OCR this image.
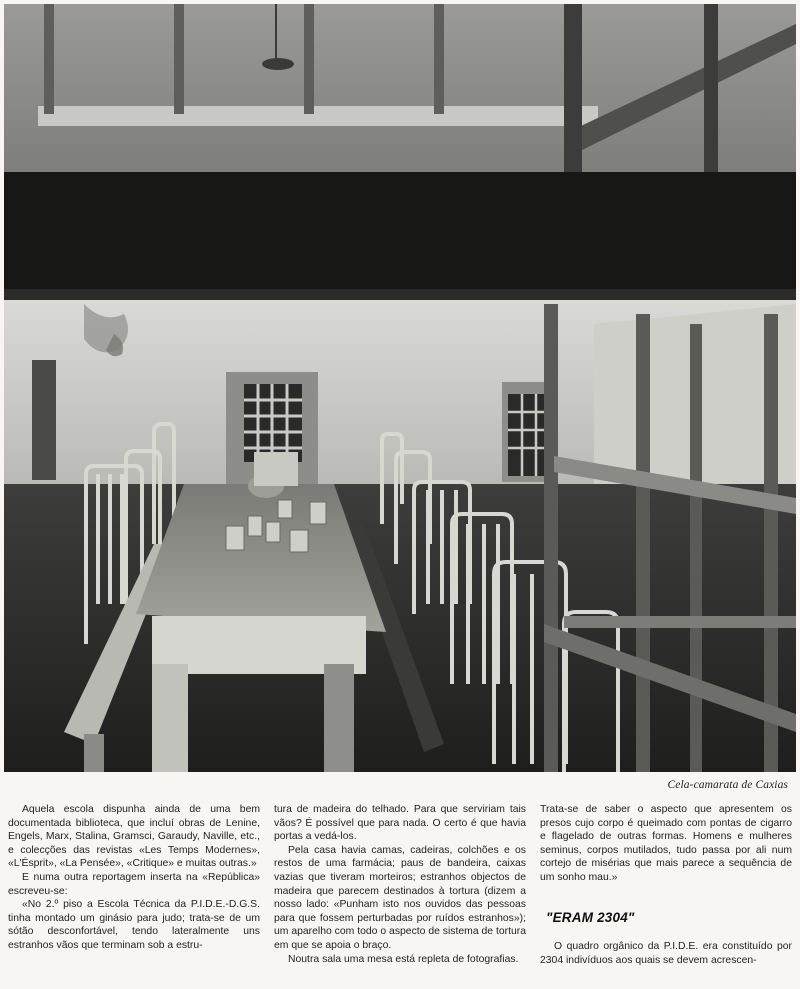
Cela-camarata de Caxias

Aquela escola dispunha ainda de uma bem documentada biblioteca, que incluí obras de Lenine, Engels, Marx, Stalina, Gramsci, Garaudy, Naville, etc., e colecções das revistas «Les Temps Modernes», «L'Ésprit», «La Pensée», «Critique» e muitas outras.»

E numa outra reportagem inserta na «República» escreveu-se:

«No 2.º piso a Escola Técnica da P.I.D.E.-D.G.S. tinha montado um ginásio para judo; trata-se de um sótão desconfortável, tendo lateralmente uns estranhos vãos que terminam sob a estru-

tura de madeira do telhado. Para que serviriam tais vãos? É possível que para nada. O certo é que havia portas a vedá-los.

Pela casa havia camas, cadeiras, colchões e os restos de uma farmácia; paus de bandeira, caixas vazias que tiveram morteiros; estranhos objectos de madeira que parecem destinados à tortura (dizem a nosso lado: «Punham isto nos ouvidos das pessoas para que fossem perturbadas por ruídos estranhos»); um aparelho com todo o aspecto de sistema de tortura em que se apoia o braço.

Noutra sala uma mesa está repleta de fotografias.

Trata-se de saber o aspecto que apresentem os presos cujo corpo é queimado com pontas de cigarro e flagelado de outras formas. Homens e mulheres seminus, corpos mutilados, tudo passa por ali num cortejo de misérias que mais parece a sequência de um sonho mau.»

"ERAM 2304"

O quadro orgânico da P.I.D.E. era constituído por 2304 indivíduos aos quais se devem acrescen-
